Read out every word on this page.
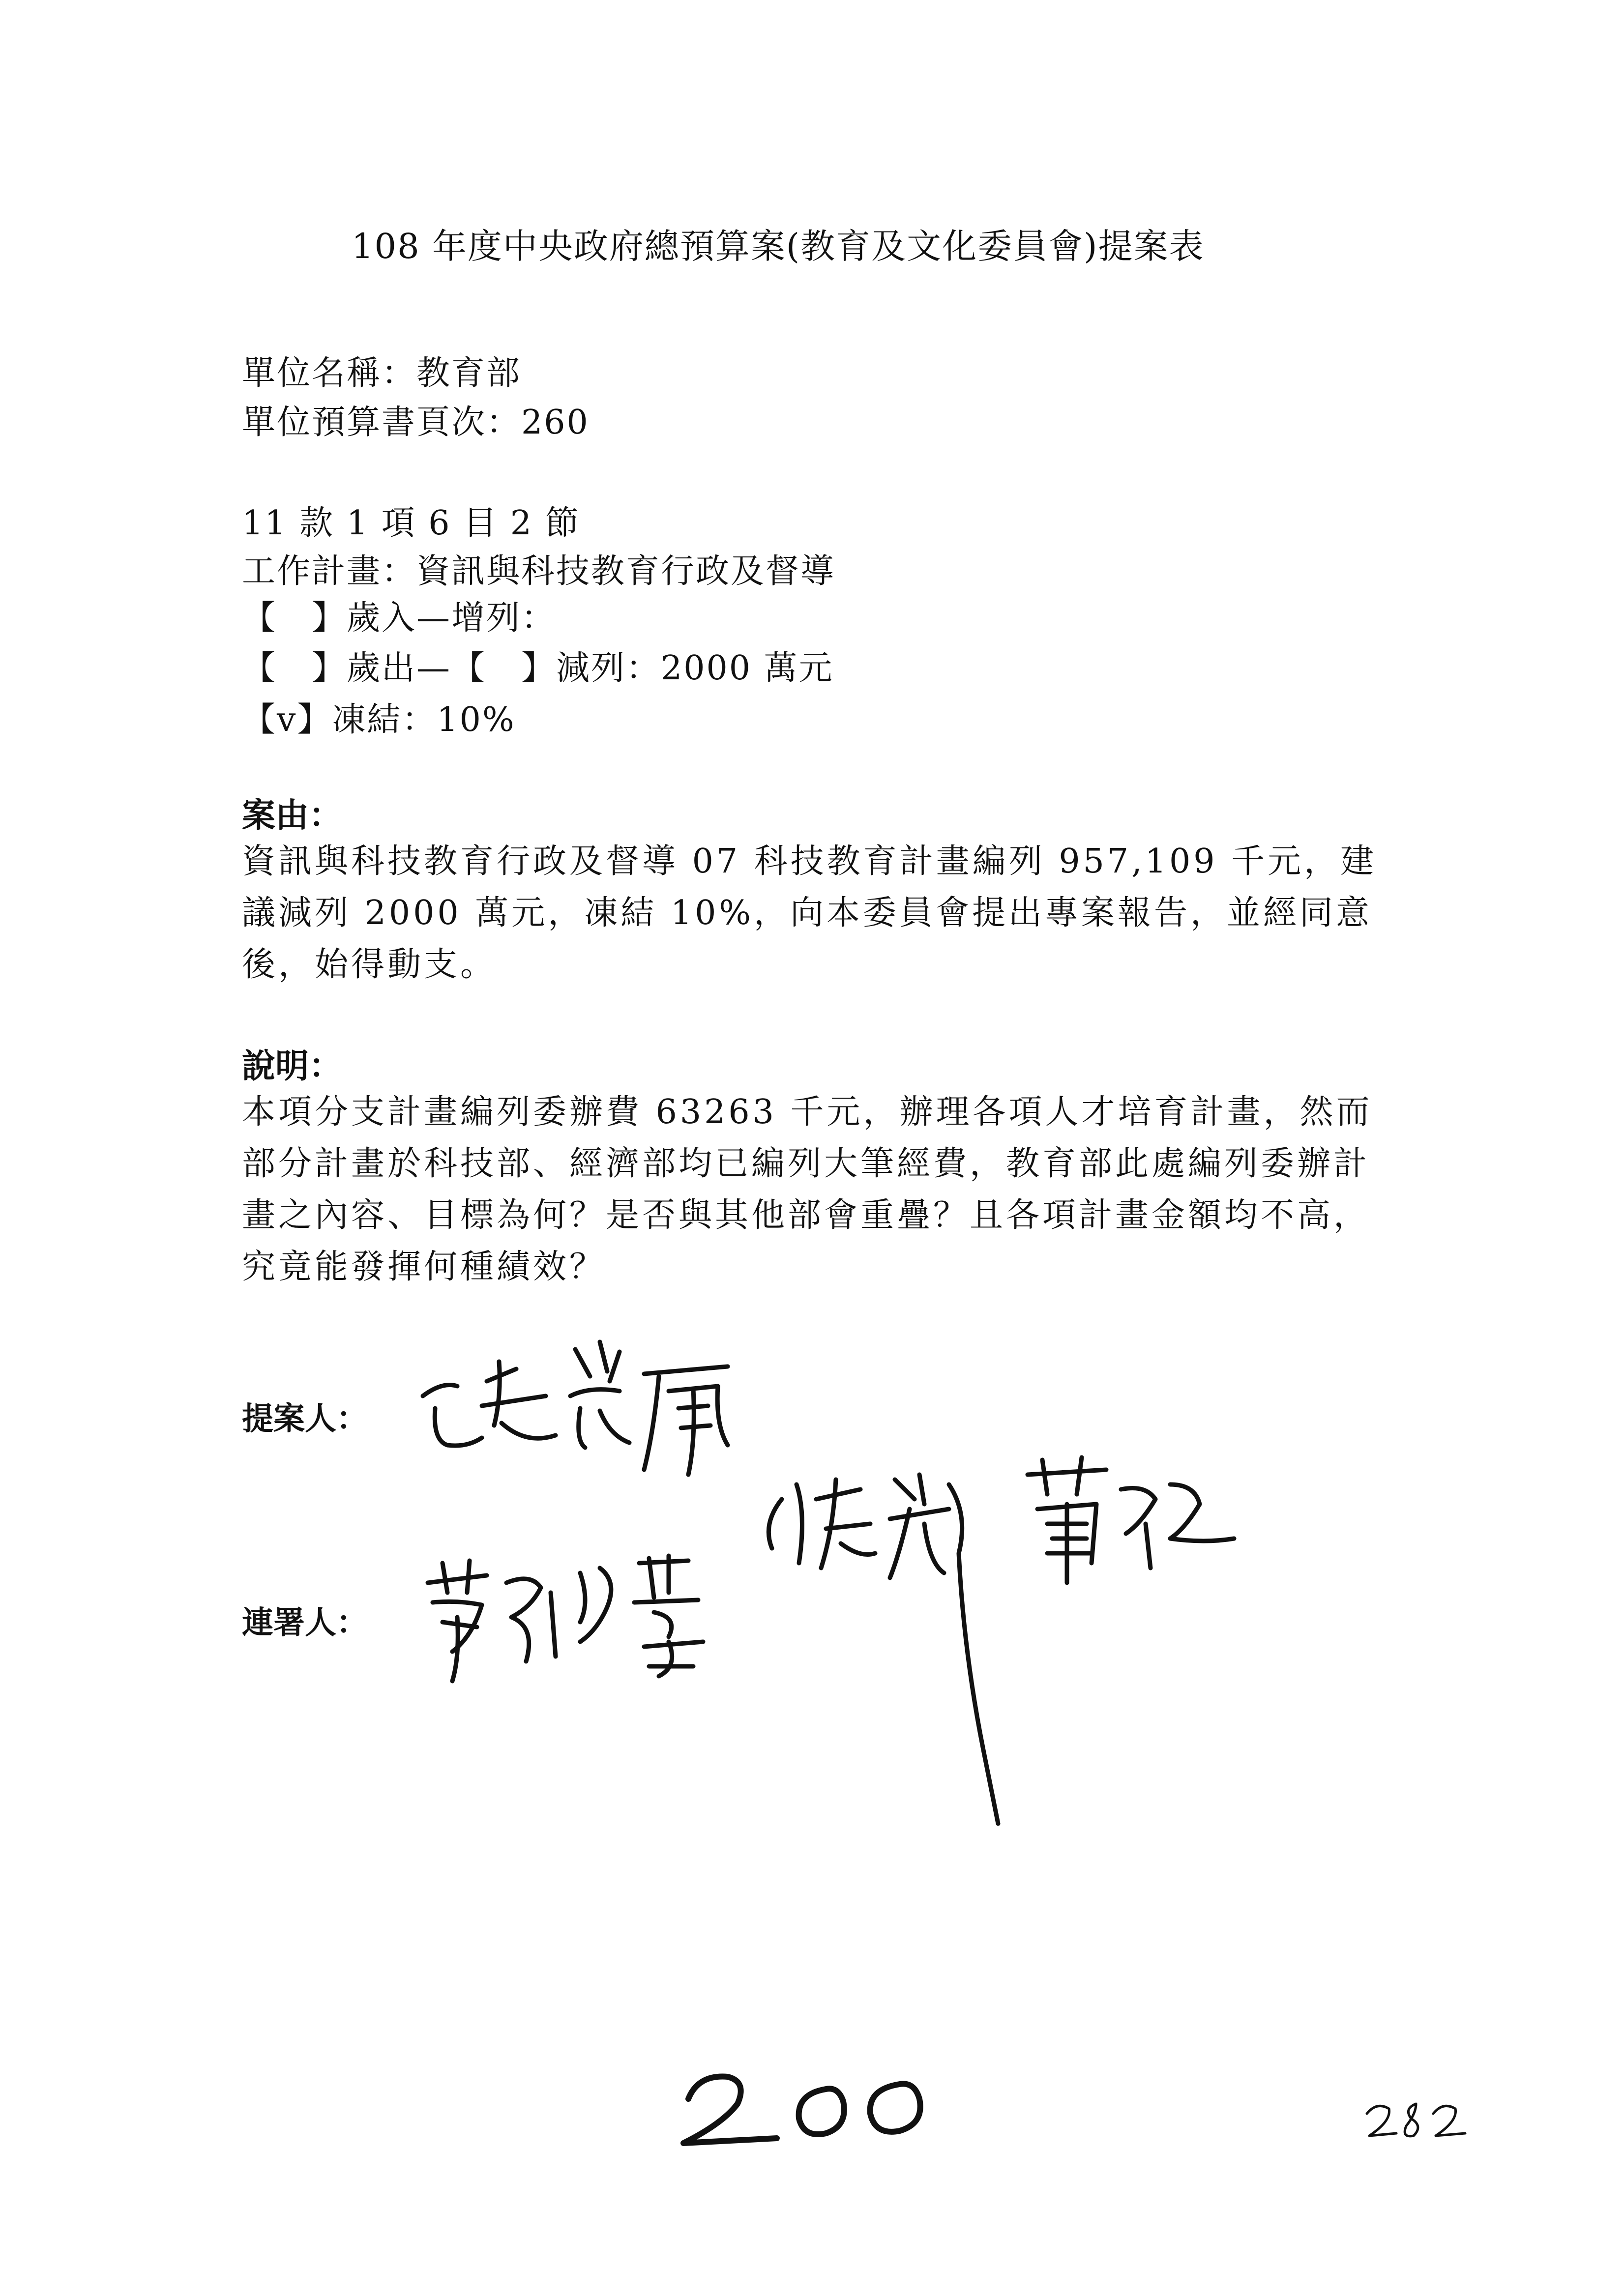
108 年度中央政府總預算案(教育及文化委員會)提案表
單位名稱：教育部
單位預算書頁次：260
11 款 1 項 6 目 2 節
工作計畫：資訊與科技教育行政及督導
【　】歲入—增列：
【　】歲出—【　】減列：2000 萬元
【v】凍結：10%
案由：
資訊與科技教育行政及督導 07 科技教育計畫編列 957,109 千元，建議減列 2000 萬元，凍結 10%，向本委員會提出專案報告，並經同意後，始得動支。
說明：
本項分支計畫編列委辦費 63263 千元，辦理各項人才培育計畫，然而部分計畫於科技部、經濟部均已編列大筆經費，教育部此處編列委辦計畫之內容、目標為何？是否與其他部會重疊？且各項計畫金額均不高，究竟能發揮何種績效？
提案人：
連署人：
